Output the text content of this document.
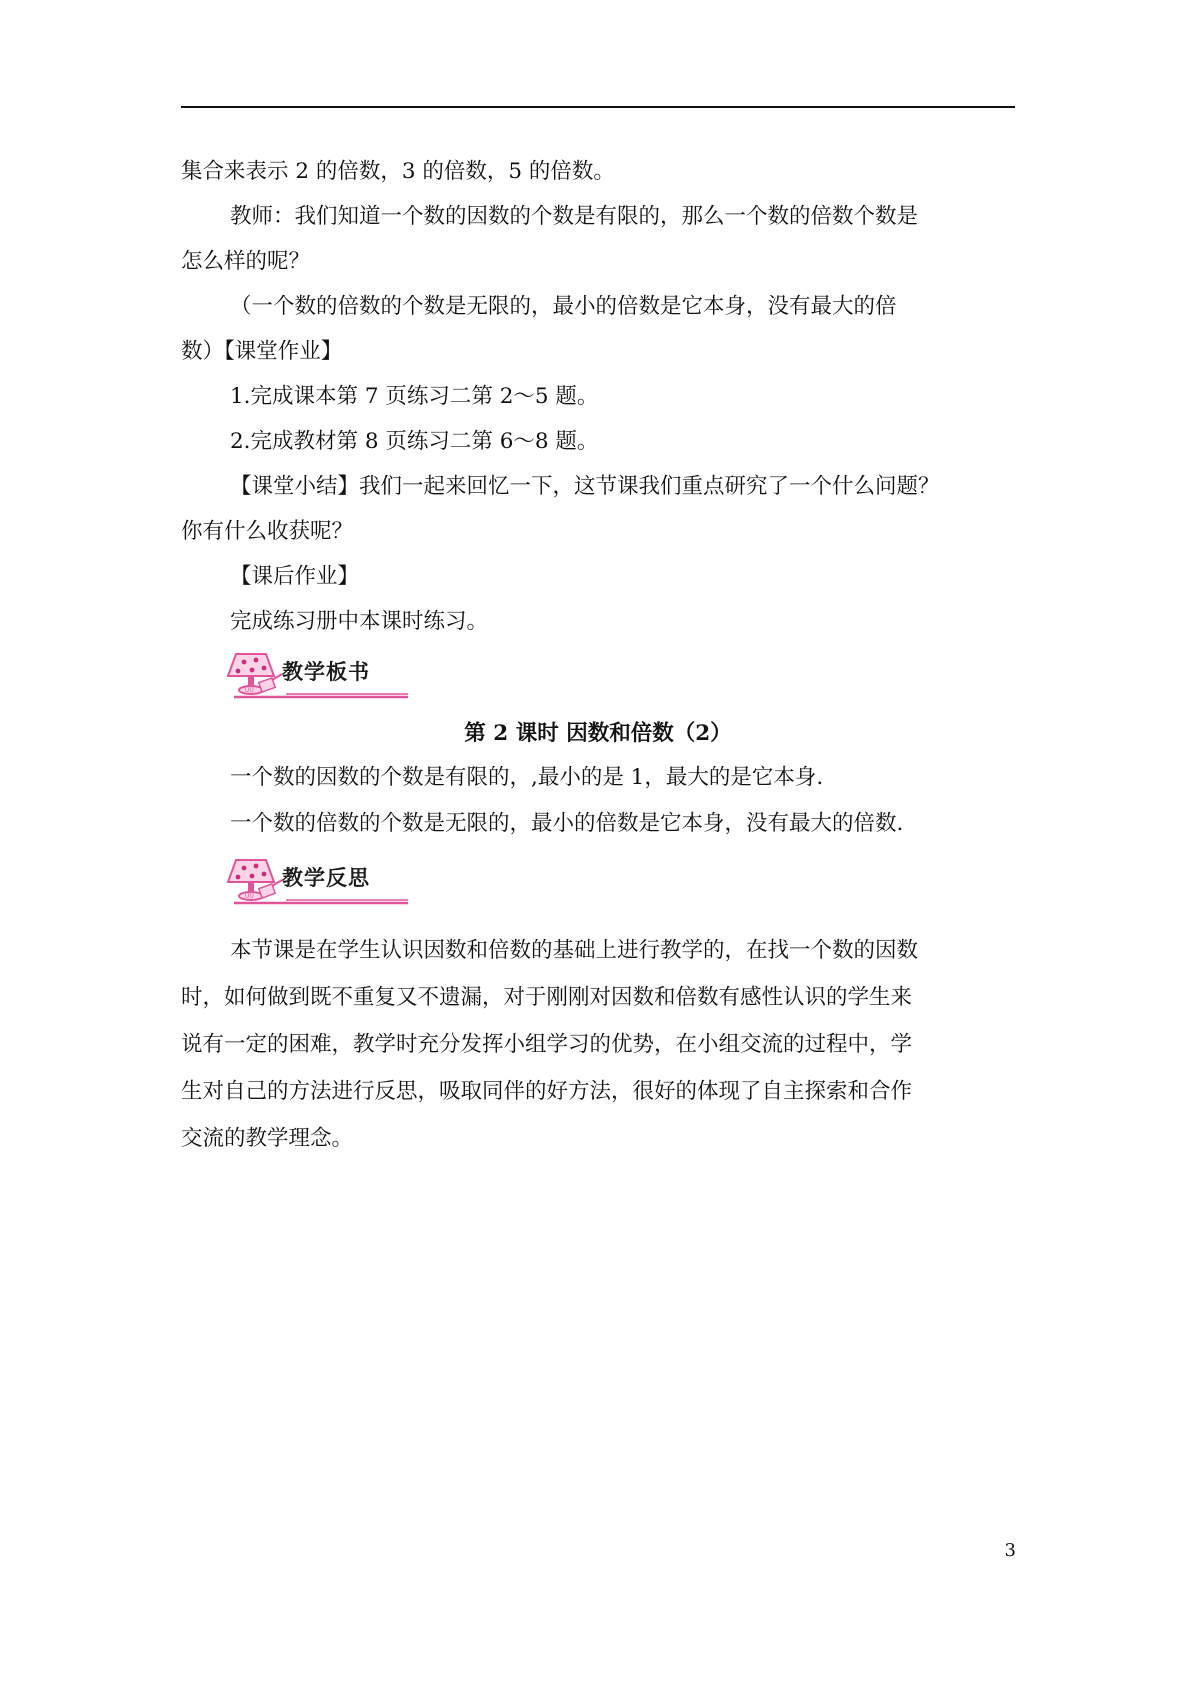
集合来表示 2 的倍数，3 的倍数，5 的倍数。
教师：我们知道一个数的因数的个数是有限的，那么一个数的倍数个数是
怎么样的呢？
（一个数的倍数的个数是无限的，最小的倍数是它本身，没有最大的倍
数）【课堂作业】
1.完成课本第 7 页练习二第 2～5 题。
2.完成教材第 8 页练习二第 6～8 题。
【课堂小结】我们一起来回忆一下，这节课我们重点研究了一个什么问题？
你有什么收获呢？
【课后作业】
完成练习册中本课时练习。
UU
教学板书
第 2 课时 因数和倍数（2）
一个数的因数的个数是有限的，,最小的是 1，最大的是它本身.
一个数的倍数的个数是无限的，最小的倍数是它本身，没有最大的倍数.
UU
教学反思
本节课是在学生认识因数和倍数的基础上进行教学的，在找一个数的因数
时，如何做到既不重复又不遗漏，对于刚刚对因数和倍数有感性认识的学生来
说有一定的困难，教学时充分发挥小组学习的优势，在小组交流的过程中，学
生对自己的方法进行反思，吸取同伴的好方法，很好的体现了自主探索和合作
交流的教学理念。
3
